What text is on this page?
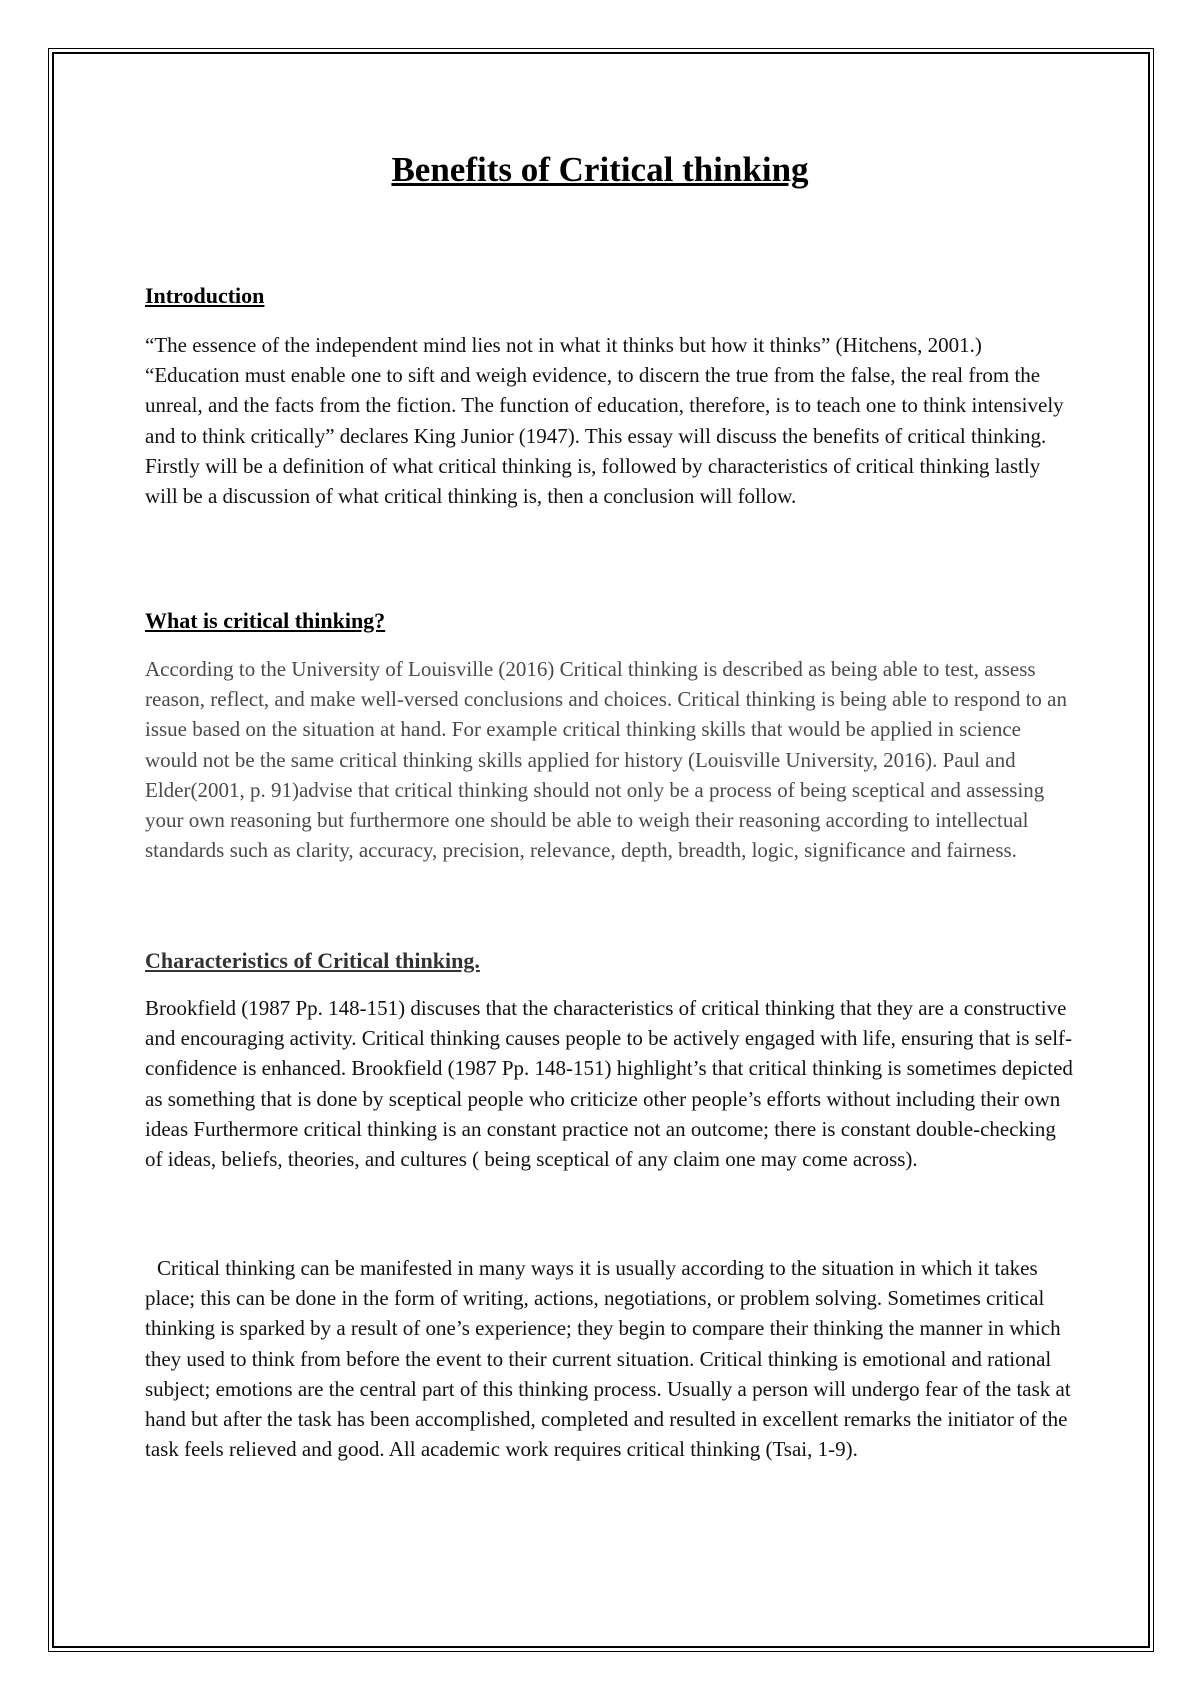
Benefits of Critical thinking
Introduction

“The essence of the independent mind lies not in what it thinks but how it thinks” (Hitchens, 2001.) “Education must enable one to sift and weigh evidence, to discern the true from the false, the real from the unreal, and the facts from the fiction. The function of education, therefore, is to teach one to think intensively and to think critically” declares King Junior (1947). This essay will discuss the benefits of critical thinking. Firstly will be a definition of what critical thinking is, followed by characteristics of critical thinking lastly will be a discussion of what critical thinking is, then a conclusion will follow.

What is critical thinking?

According to the University of Louisville (2016) Critical thinking is described as being able to test, assess reason, reflect, and make well-versed conclusions and choices. Critical thinking is being able to respond to an issue based on the situation at hand. For example critical thinking skills that would be applied in science would not be the same critical thinking skills applied for history (Louisville University, 2016). Paul and Elder(2001, p. 91)advise that critical thinking should not only be a process of being sceptical and assessing your own reasoning but furthermore one should be able to weigh their reasoning according to intellectual standards such as clarity, accuracy, precision, relevance, depth, breadth, logic, significance and fairness.

Characteristics of Critical thinking.

Brookfield (1987 Pp. 148-151) discuses that the characteristics of critical thinking that they are a constructive and encouraging activity. Critical thinking causes people to be actively engaged with life, ensuring that is self-confidence is enhanced. Brookfield (1987 Pp. 148-151) highlight’s that critical thinking is sometimes depicted as something that is done by sceptical people who criticize other people’s efforts without including their own ideas Furthermore critical thinking is an constant practice not an outcome; there is constant double-checking of ideas, beliefs, theories, and cultures ( being sceptical of any claim one may come across).

Critical thinking can be manifested in many ways it is usually according to the situation in which it takes place; this can be done in the form of writing, actions, negotiations, or problem solving. Sometimes critical thinking is sparked by a result of one’s experience; they begin to compare their thinking the manner in which they used to think from before the event to their current situation. Critical thinking is emotional and rational subject; emotions are the central part of this thinking process. Usually a person will undergo fear of the task at hand but after the task has been accomplished, completed and resulted in excellent remarks the initiator of the task feels relieved and good. All academic work requires critical thinking (Tsai, 1-9).
